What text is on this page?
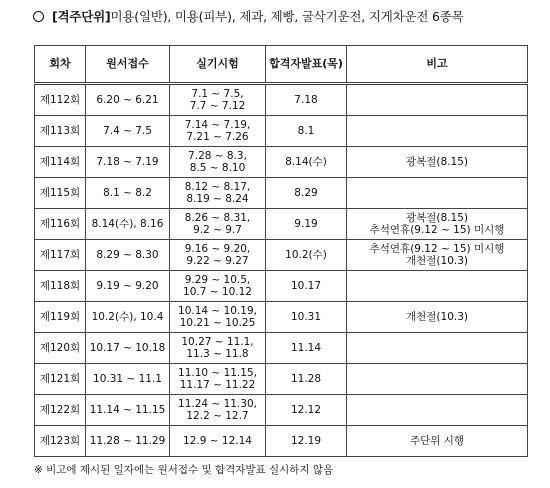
[격주단위]미용(일반), 미용(피부), 제과, 제빵, 굴삭기운전, 지게차운전 6종목
회차	원서접수	실기시험	합격자발표(목)	비고
제112회	6.20 ~ 6.21	7.1 ~ 7.5,
7.7 ~ 7.12	7.18	
제113회	7.4 ~ 7.5	7.14 ~ 7.19,
7.21 ~ 7.26	8.1	
제114회	7.18 ~ 7.19	7.28 ~ 8.3,
8.5 ~ 8.10	8.14(수)	광복절(8.15)

제115회	8.1 ~ 8.2	8.12 ~ 8.17,
8.19 ~ 8.24	8.29	
제116회	8.14(수), 8.16	8.26 ~ 8.31,
9.2 ~ 9.7	9.19	광복절(8.15)
추석연휴(9.12 ~ 15) 미시행

제117회	8.29 ~ 8.30	9.16 ~ 9.20,
9.22 ~ 9.27	10.2(수)	추석연휴(9.12 ~ 15) 미시행
개천절(10.3)

제118회	9.19 ~ 9.20	9.29 ~ 10.5,
10.7 ~ 10.12	10.17	
제119회	10.2(수), 10.4	10.14 ~ 10.19,
10.21 ~ 10.25	10.31	개천절(10.3)

제120회	10.17 ~ 10.18	10.27 ~ 11.1,
11.3 ~ 11.8	11.14	
제121회	10.31 ~ 11.1	11.10 ~ 11.15,
11.17 ~ 11.22	11.28	
제122회	11.14 ~ 11.15	11.24 ~ 11.30,
12.2 ~ 12.7	12.12	
제123회	11.28 ~ 11.29	12.9 ~ 12.14	12.19	주단위 시행
※ 비고에 제시된 일자에는 원서접수 및 합격자발표 실시하지 않음
